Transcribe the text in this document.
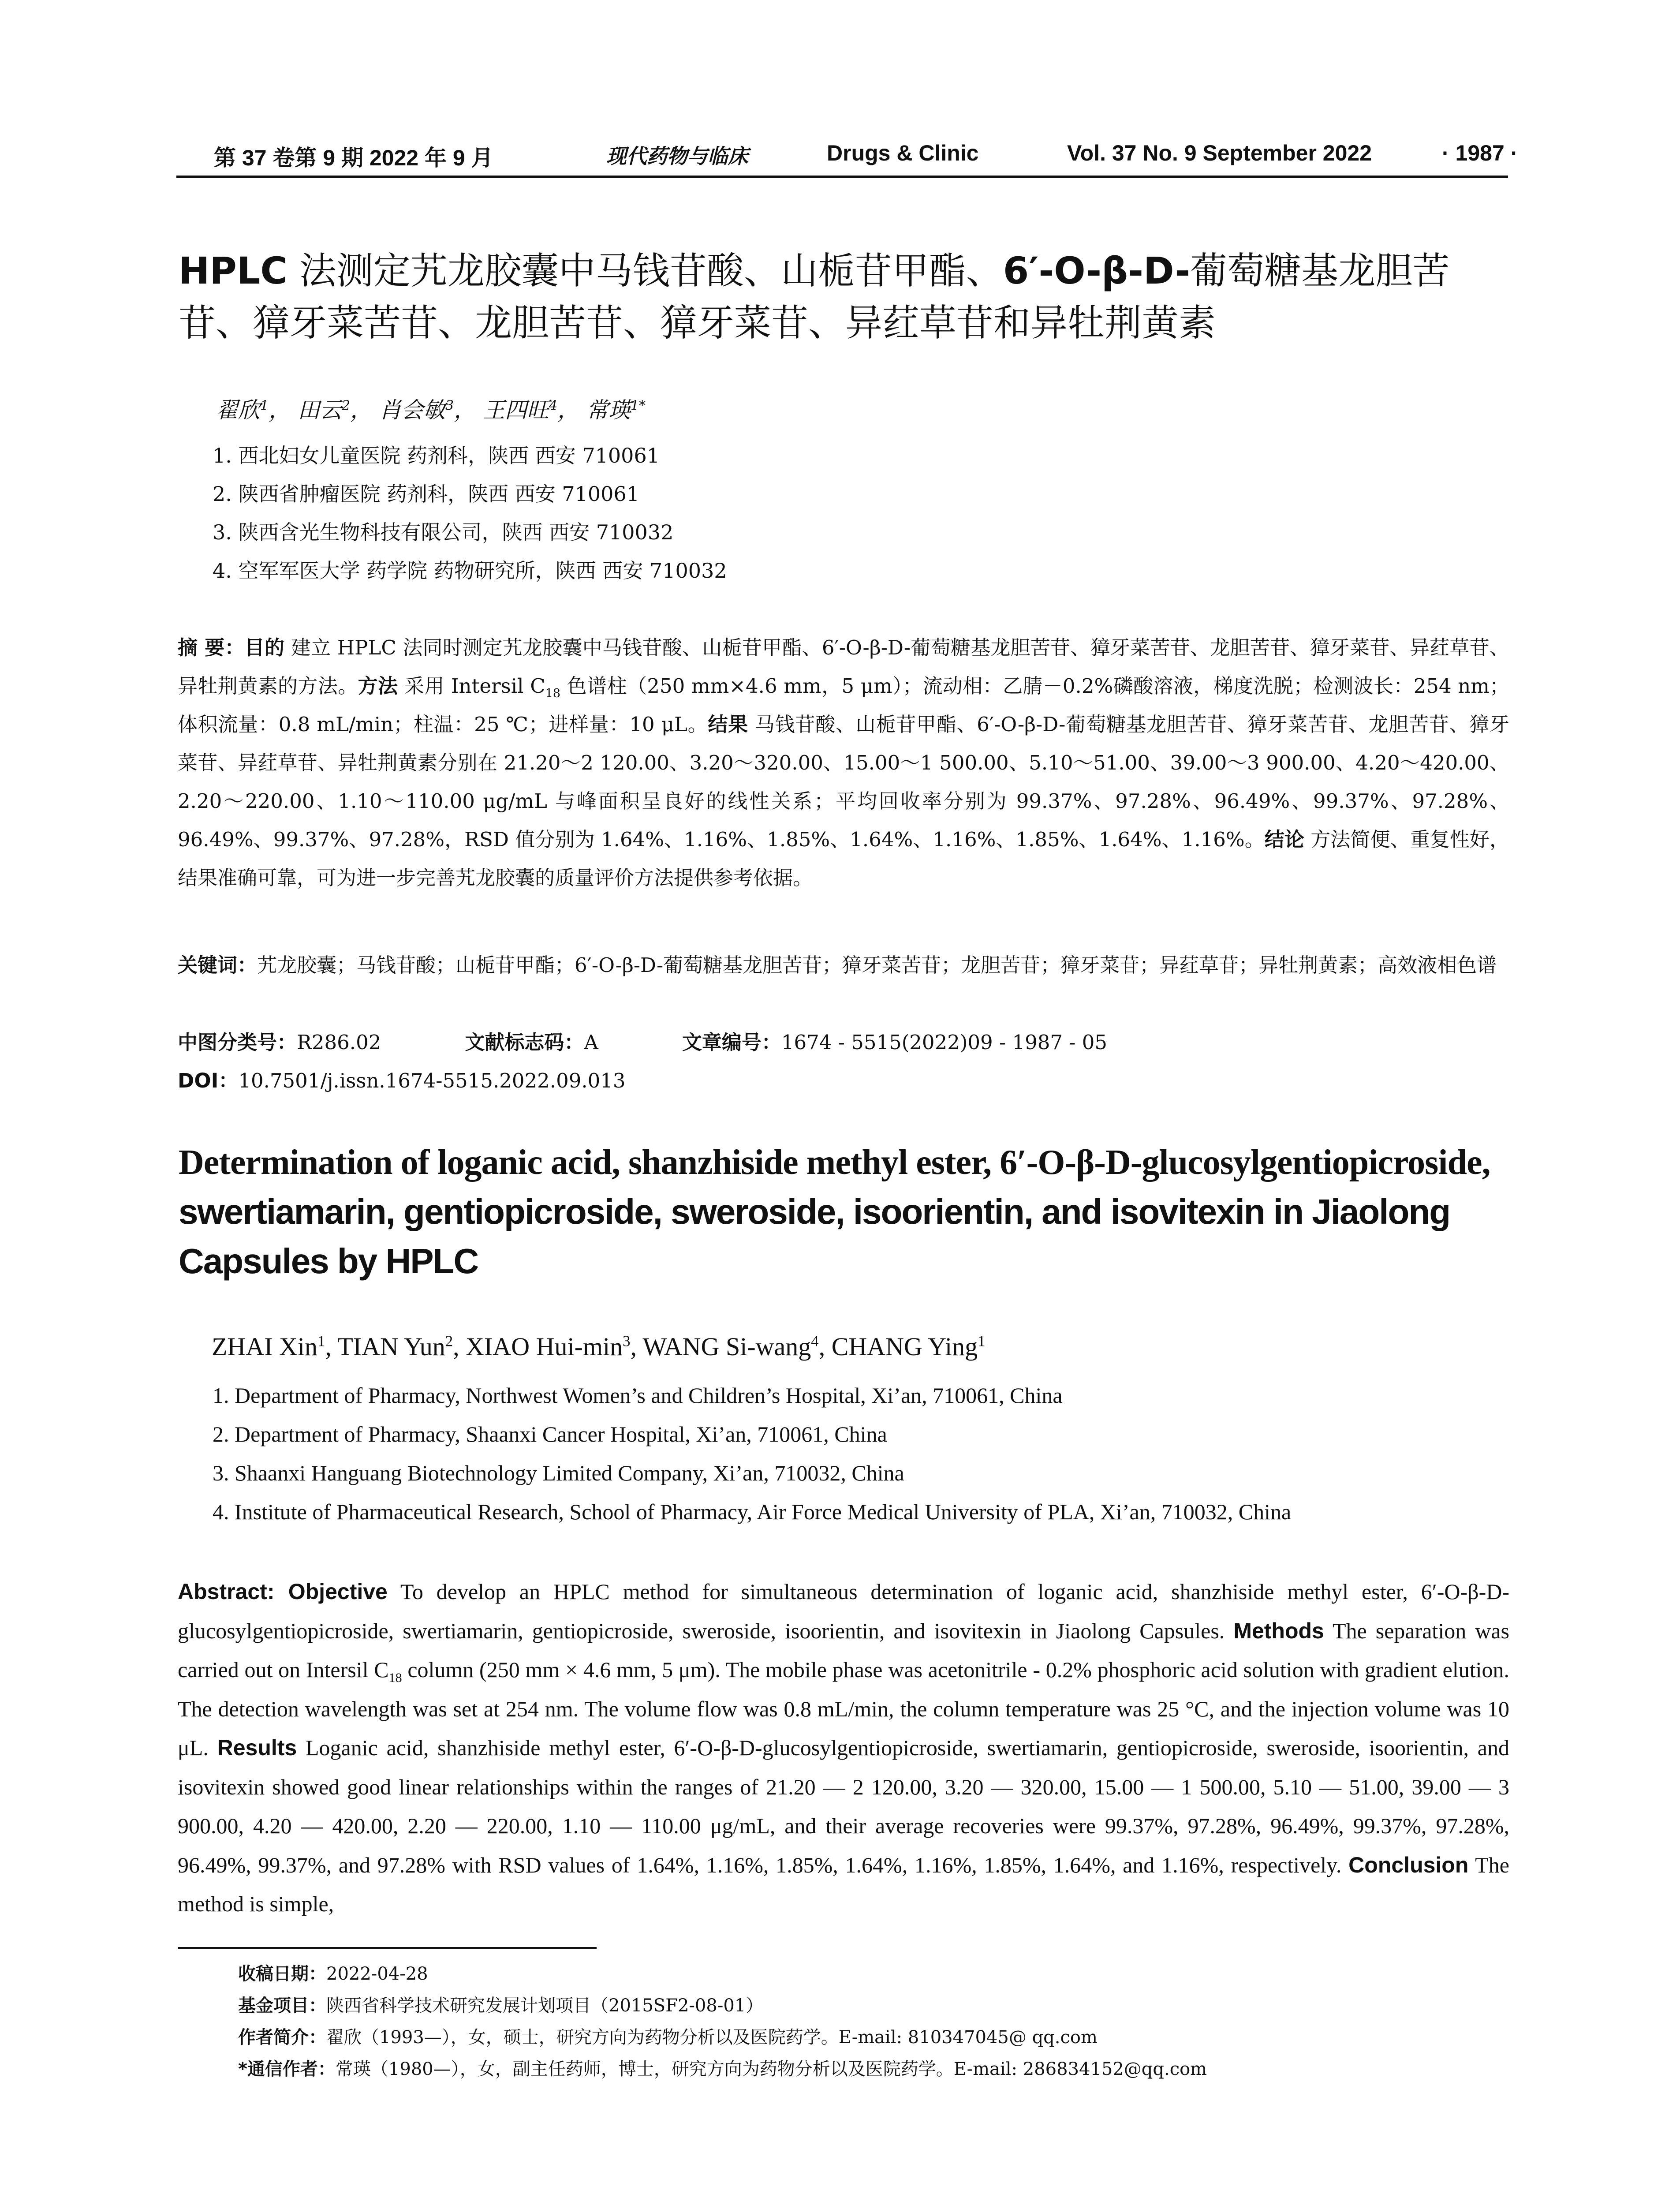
第 37 卷第 9 期 2022 年 9 月	现代药物与临床	Drugs & Clinic	Vol. 37 No. 9 September 2022	· 1987 ·
HPLC 法测定艽龙胶囊中马钱苷酸、山栀苷甲酯、6′-O-β-D-葡萄糖基龙胆苦苷、獐牙菜苦苷、龙胆苦苷、獐牙菜苷、异荭草苷和异牡荆黄素
翟欣$^1$， 田云$^2$， 肖会敏$^3$， 王四旺$^4$， 常瑛$^{1*}$
1. 西北妇女儿童医院 药剂科，陕西 西安 710061
2. 陕西省肿瘤医院 药剂科，陕西 西安 710061
3. 陕西含光生物科技有限公司，陕西 西安 710032
4. 空军军医大学 药学院 药物研究所，陕西 西安 710032
摘 要：目的 建立 HPLC 法同时测定艽龙胶囊中马钱苷酸、山栀苷甲酯、6′-O-β-D-葡萄糖基龙胆苦苷、獐牙菜苦苷、龙胆苦苷、獐牙菜苷、异荭草苷、异牡荆黄素的方法。方法 采用 Intersil $C_{18}$ 色谱柱（250 mm×4.6 mm，5 μm）；流动相：乙腈－0.2%磷酸溶液，梯度洗脱；检测波长：254 nm；体积流量：0.8 mL/min；柱温：25 ℃；进样量：10 μL。结果 马钱苷酸、山栀苷甲酯、6′-O-β-D-葡萄糖基龙胆苦苷、獐牙菜苦苷、龙胆苦苷、獐牙菜苷、异荭草苷、异牡荆黄素分别在 21.20～2 120.00、3.20～320.00、15.00～1 500.00、5.10～51.00、39.00～3 900.00、4.20～420.00、2.20～220.00、1.10～110.00 μg/mL 与峰面积呈良好的线性关系；平均回收率分别为 99.37%、97.28%、96.49%、99.37%、97.28%、96.49%、99.37%、97.28%，RSD 值分别为 1.64%、1.16%、1.85%、1.64%、1.16%、1.85%、1.64%、1.16%。结论 方法简便、重复性好，结果准确可靠，可为进一步完善艽龙胶囊的质量评价方法提供参考依据。
关键词：艽龙胶囊；马钱苷酸；山栀苷甲酯；6′-O-β-D-葡萄糖基龙胆苦苷；獐牙菜苦苷；龙胆苦苷；獐牙菜苷；异荭草苷；异牡荆黄素；高效液相色谱
中图分类号：R286.02	文献标志码：A	文章编号：1674 - 5515(2022)09 - 1987 - 05
DOI：10.7501/j.issn.1674-5515.2022.09.013
Determination of loganic acid, shanzhiside methyl ester, 6′-O-β-D-glucosylgentiopicroside,
swertiamarin, gentiopicroside, sweroside, isoorientin, and isovitexin in Jiaolong
Capsules by HPLC
ZHAI Xin$^1$, TIAN Yun$^2$, XIAO Hui-$\min^3$, WANG Si-wang$^4$, CHANG Ying$^1$
1. Department of Pharmacy, Northwest Women’s and Children’s Hospital, Xi’an, 710061, China
2. Department of Pharmacy, Shaanxi Cancer Hospital, Xi’an, 710061, China
3. Shaanxi Hanguang Biotechnology Limited Company, Xi’an, 710032, China
4. Institute of Pharmaceutical Research, School of Pharmacy, Air Force Medical University of PLA, Xi’an, 710032, China
Abstract: Objective To develop an HPLC method for simultaneous determination of loganic acid, shanzhiside methyl ester, 6′-O-β-D-glucosylgentiopicroside, swertiamarin, gentiopicroside, sweroside, isoorientin, and isovitexin in Jiaolong Capsules. Methods The separation was carried out on Intersil $C_{18}$ column (250 mm × 4.6 mm, 5 μm). The mobile phase was acetonitrile - 0.2% phosphoric acid solution with gradient elution. The detection wavelength was set at 254 nm. The volume flow was 0.8 mL/min, the column temperature was 25 °C, and the injection volume was 10 μL. Results Loganic acid, shanzhiside methyl ester, 6′-O-β-D-glucosylgentiopicroside, swertiamarin, gentiopicroside, sweroside, isoorientin, and isovitexin showed good linear relationships within the ranges of 21.20 — 2 120.00, 3.20 — 320.00, 15.00 — 1 500.00, 5.10 — 51.00, 39.00 — 3 900.00, 4.20 — 420.00, 2.20 — 220.00, 1.10 — 110.00 μg/mL, and their average recoveries were 99.37%, 97.28%, 96.49%, 99.37%, 97.28%, 96.49%, 99.37%, and 97.28% with RSD values of 1.64%, 1.16%, 1.85%, 1.64%, 1.16%, 1.85%, 1.64%, and 1.16%, respectively. Conclusion The method is simple,
收稿日期：2022-04-28
基金项目：陕西省科学技术研究发展计划项目（2015SF2-08-01）
作者简介：翟欣（1993—），女，硕士，研究方向为药物分析以及医院药学。E-mail: 810347045@ qq.com
*通信作者：常瑛（1980—），女，副主任药师，博士，研究方向为药物分析以及医院药学。E-mail: 286834152@qq.com
